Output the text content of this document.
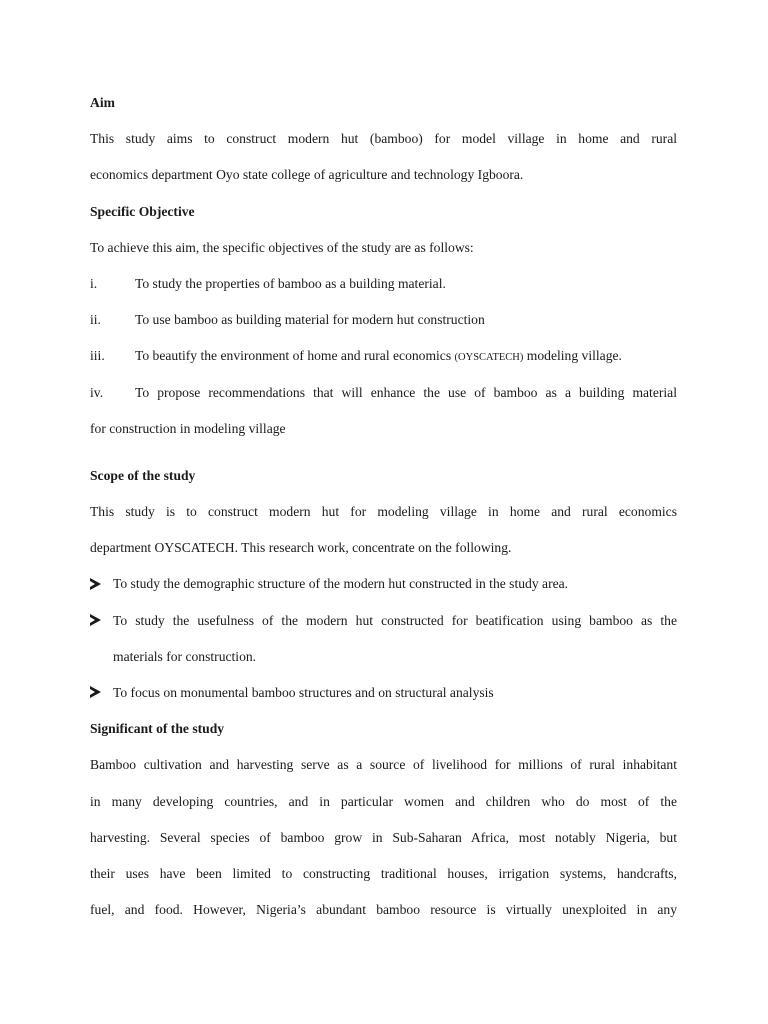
Aim
This study aims to construct modern hut (bamboo) for model village in home and rural
economics department Oyo state college of agriculture and technology Igboora.
Specific Objective
To achieve this aim, the specific objectives of the study are as follows:
i.	To study the properties of bamboo as a building material.
ii.	To use bamboo as building material for modern hut construction
iii. To beautify the environment of home and rural economics (OYSCATECH) modeling village.
iv. To propose recommendations that will enhance the use of bamboo as a building material
for construction in modeling village
Scope of the study
This study is to construct modern hut for modeling village in home and rural economics
department OYSCATECH. This research work, concentrate on the following.
To study the demographic structure of the modern hut constructed in the study area.
To study the usefulness of the modern hut constructed for beatification using bamboo as the
materials for construction.
To focus on monumental bamboo structures and on structural analysis
Significant of the study
Bamboo cultivation and harvesting serve as a source of livelihood for millions of rural inhabitant
in many developing countries, and in particular women and children who do most of the
harvesting. Several species of bamboo grow in Sub-Saharan Africa, most notably Nigeria, but
their uses have been limited to constructing traditional houses, irrigation systems, handcrafts,
fuel, and food. However, Nigeria’s abundant bamboo resource is virtually unexploited in any
